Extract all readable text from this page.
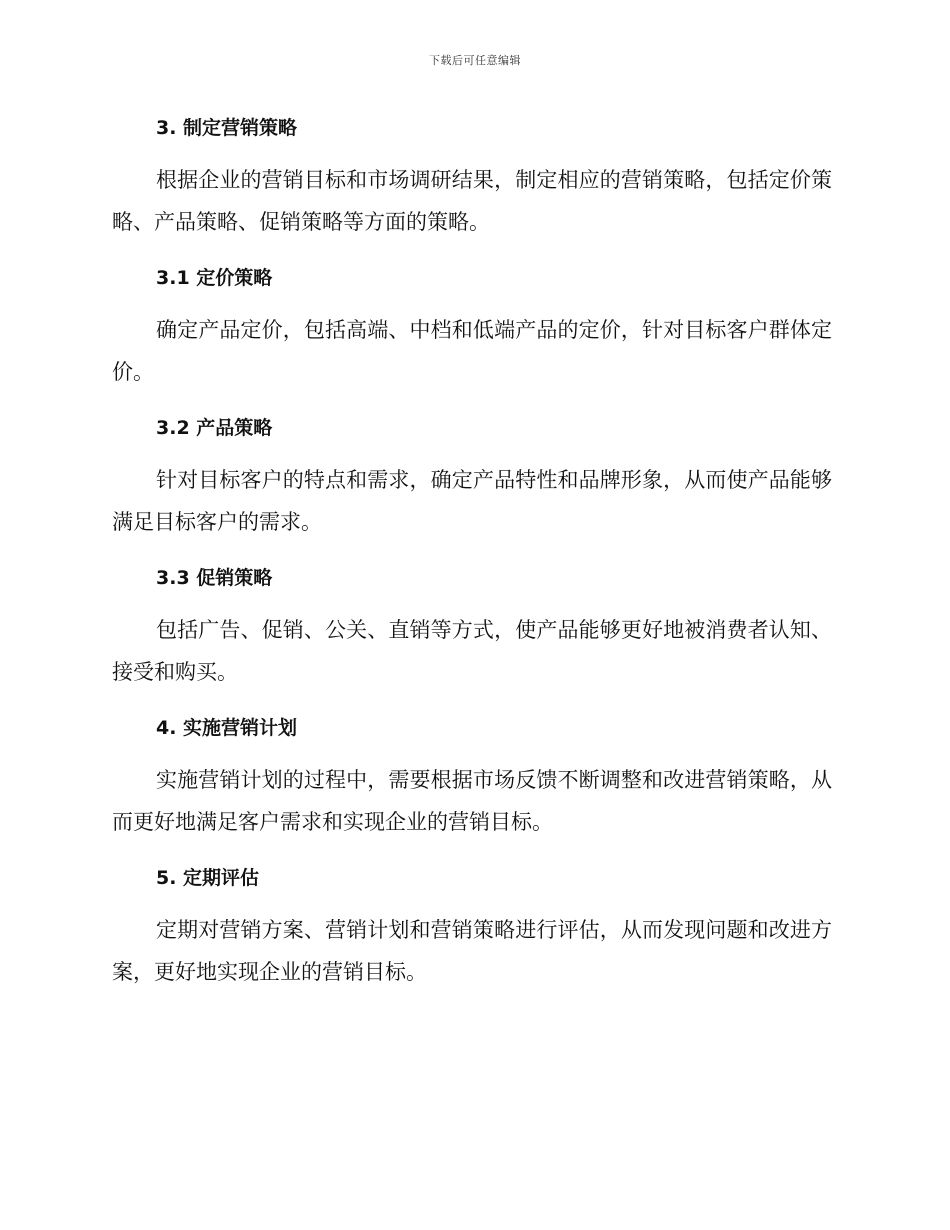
下载后可任意编辑
3. 制定营销策略

根据企业的营销目标和市场调研结果，制定相应的营销策略，包括定价策略、产品策略、促销策略等方面的策略。

3.1 定价策略

确定产品定价，包括高端、中档和低端产品的定价，针对目标客户群体定价。

3.2 产品策略

针对目标客户的特点和需求，确定产品特性和品牌形象，从而使产品能够满足目标客户的需求。

3.3 促销策略

包括广告、促销、公关、直销等方式，使产品能够更好地被消费者认知、接受和购买。

4. 实施营销计划

实施营销计划的过程中，需要根据市场反馈不断调整和改进营销策略，从而更好地满足客户需求和实现企业的营销目标。

5. 定期评估

定期对营销方案、营销计划和营销策略进行评估，从而发现问题和改进方案，更好地实现企业的营销目标。
